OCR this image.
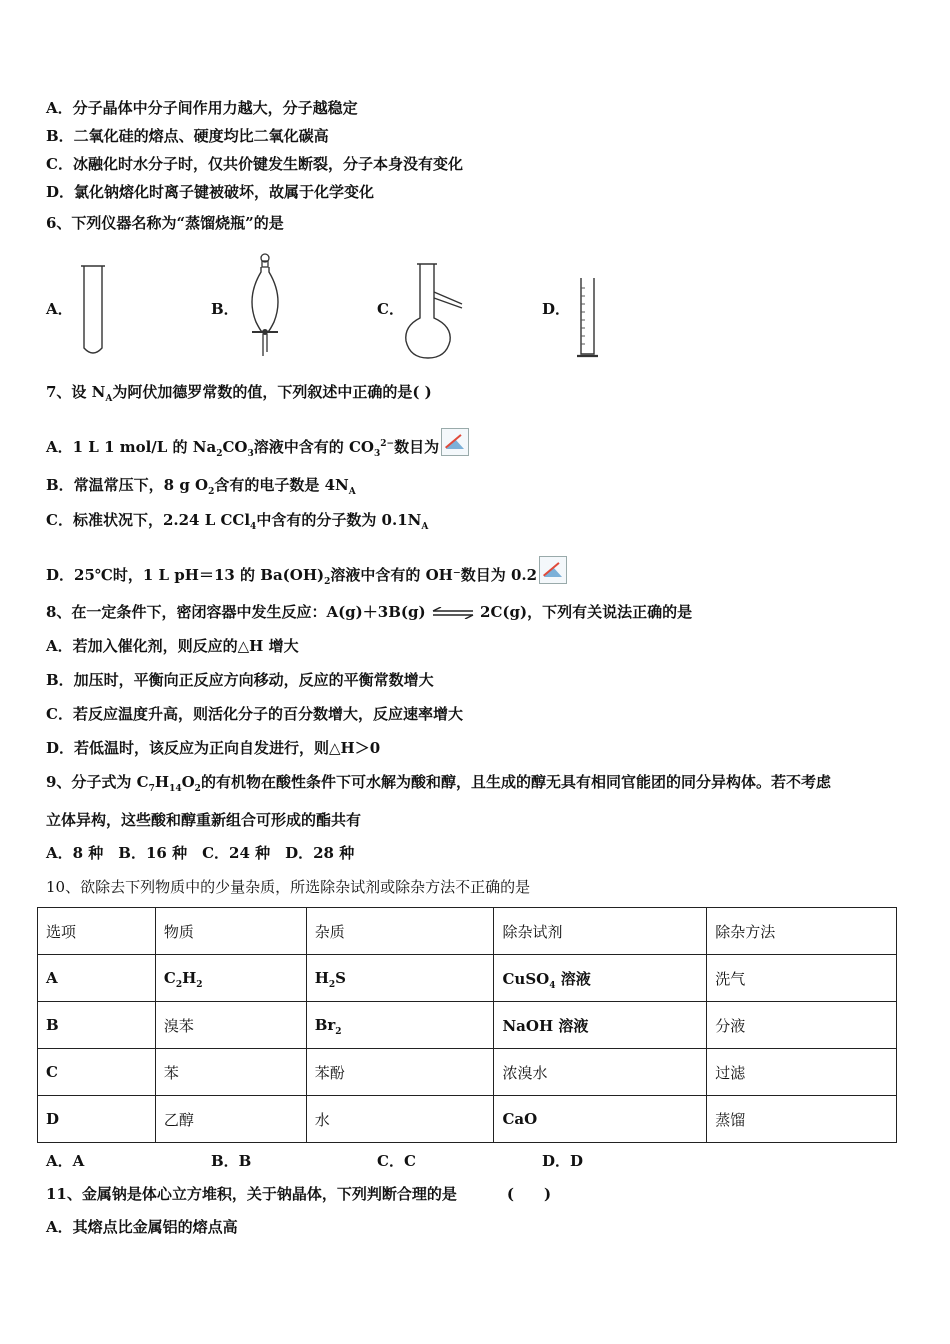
A．分子晶体中分子间作用力越大，分子越稳定
B．二氧化硅的熔点、硬度均比二氧化碳高
C．冰融化时水分子时，仅共价键发生断裂，分子本身没有变化
D．氯化钠熔化时离子键被破坏，故属于化学变化
6、下列仪器名称为“蒸馏烧瓶”的是
A．	B．	C．	D．
7、设 $N_A$为阿伏加德罗常数的值，下列叙述中正确的是( )
A．1 L 1 mol/L 的 $Na_2CO_3$溶液中含有的 $CO_3^{2-}$数目为
B．常温常压下，8 g $O_2$含有的电子数是 $4N_A$
C．标准状况下，2.24 L CCl$_4$中含有的分子数为 $0.1N_A$
D．25℃时，1 L pH＝13 的 $Ba(OH)_2$溶液中含有的 OH⁻数目为 0.2
8、在一定条件下，密闭容器中发生反应：A(g)＋3B(g) ⇌ 2C(g)，下列有关说法正确的是
A．若加入催化剂，则反应的△H 增大
B．加压时，平衡向正反应方向移动，反应的平衡常数增大
C．若反应温度升高，则活化分子的百分数增大，反应速率增大
D．若低温时，该反应为正向自发进行，则△H＞0
9、分子式为 $C_7H_{14}O_2$的有机物在酸性条件下可水解为酸和醇，且生成的醇无具有相同官能团的同分异构体。若不考虑
立体异构，这些酸和醇重新组合可形成的酯共有
A．8 种　B．16 种　C．24 种　D．28 种
10、欲除去下列物质中的少量杂质，所选除杂试剂或除杂方法不正确的是
选项	物质	杂质	除杂试剂	除杂方法
A	$C_2H_2$	$H_2S$	CuSO$_4$ 溶液	洗气
B	溴苯	$Br_2$	NaOH 溶液	分液
C	苯	苯酚	浓溴水	过滤
D	乙醇	水	CaO	蒸馏
A．A	B．B	C．C	D．D
11、金属钠是体心立方堆积，关于钠晶体，下列判断合理的是	(　　)
A．其熔点比金属铝的熔点高
